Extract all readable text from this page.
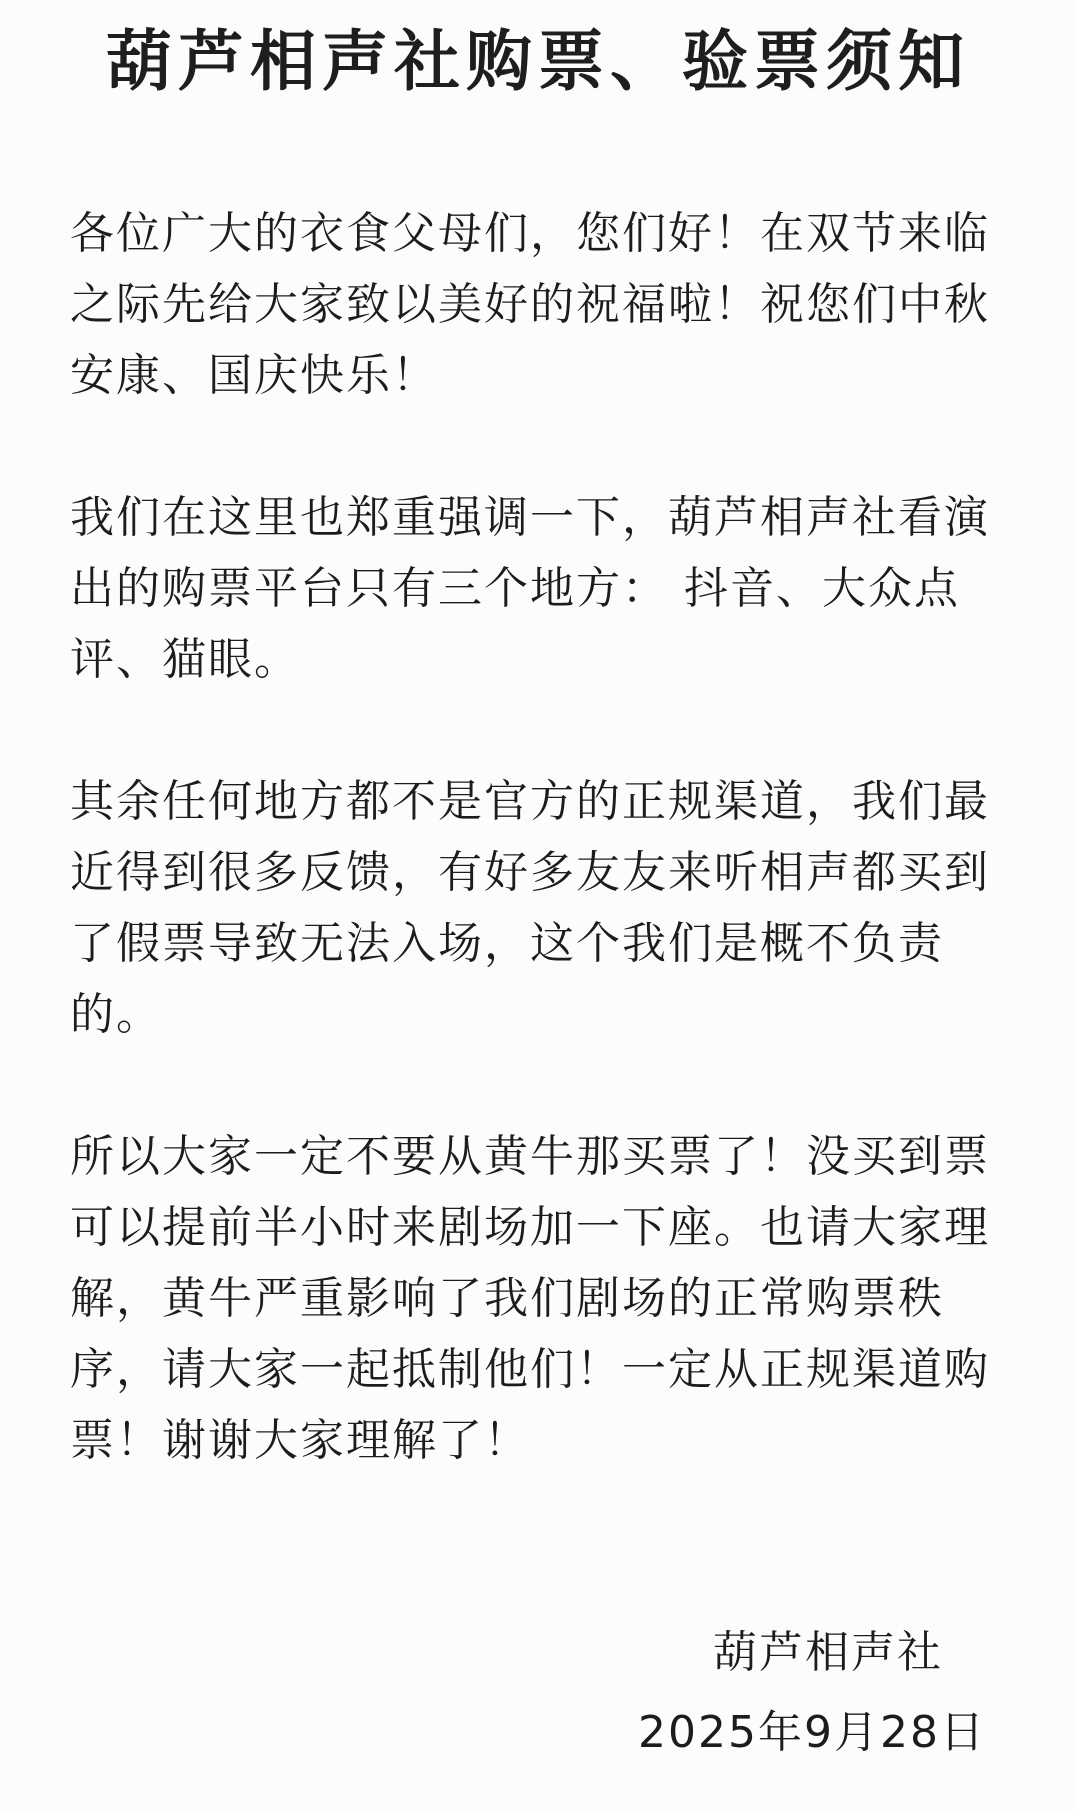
葫芦相声社购票、验票须知
各位广大的衣食父母们，您们好！在双节来临
之际先给大家致以美好的祝福啦！祝您们中秋
安康、国庆快乐！
我们在这里也郑重强调一下，葫芦相声社看演
出的购票平台只有三个地方： 抖音、大众点
评、猫眼。
其余任何地方都不是官方的正规渠道，我们最
近得到很多反馈，有好多友友来听相声都买到
了假票导致无法入场，这个我们是概不负责
的。
所以大家一定不要从黄牛那买票了！没买到票
可以提前半小时来剧场加一下座。也请大家理
解，黄牛严重影响了我们剧场的正常购票秩
序，请大家一起抵制他们！一定从正规渠道购
票！谢谢大家理解了！
葫芦相声社
2025年9月28日
